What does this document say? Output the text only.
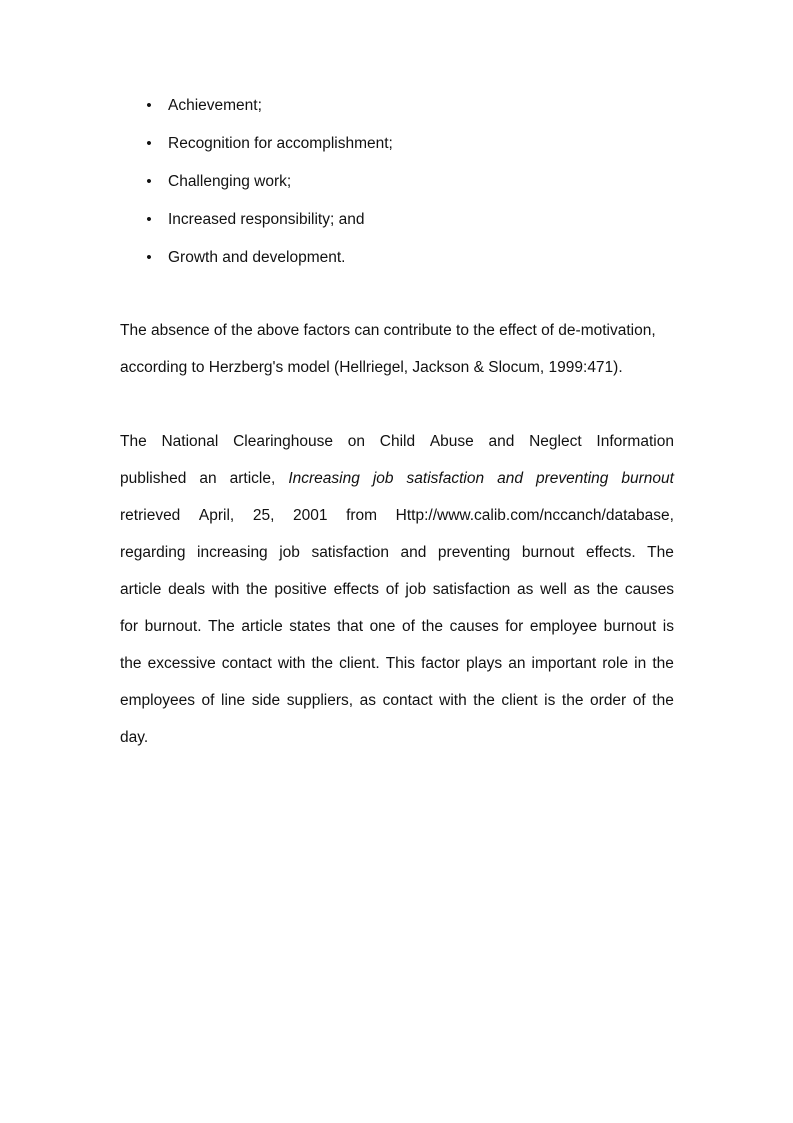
• Achievement;
• Recognition for accomplishment;
• Challenging work;
• Increased responsibility; and
• Growth and development.
The absence of the above factors can contribute to the effect of de-motivation,
according to Herzberg's model (Hellriegel, Jackson & Slocum, 1999:471).
The National Clearinghouse on Child Abuse and Neglect Information
published an article, Increasing job satisfaction and preventing burnout
retrieved April, 25, 2001 from Http://www.calib.com/nccanch/database,
regarding increasing job satisfaction and preventing burnout effects. The
article deals with the positive effects of job satisfaction as well as the causes
for burnout. The article states that one of the causes for employee burnout is
the excessive contact with the client. This factor plays an important role in the
employees of line side suppliers, as contact with the client is the order of the
day.
